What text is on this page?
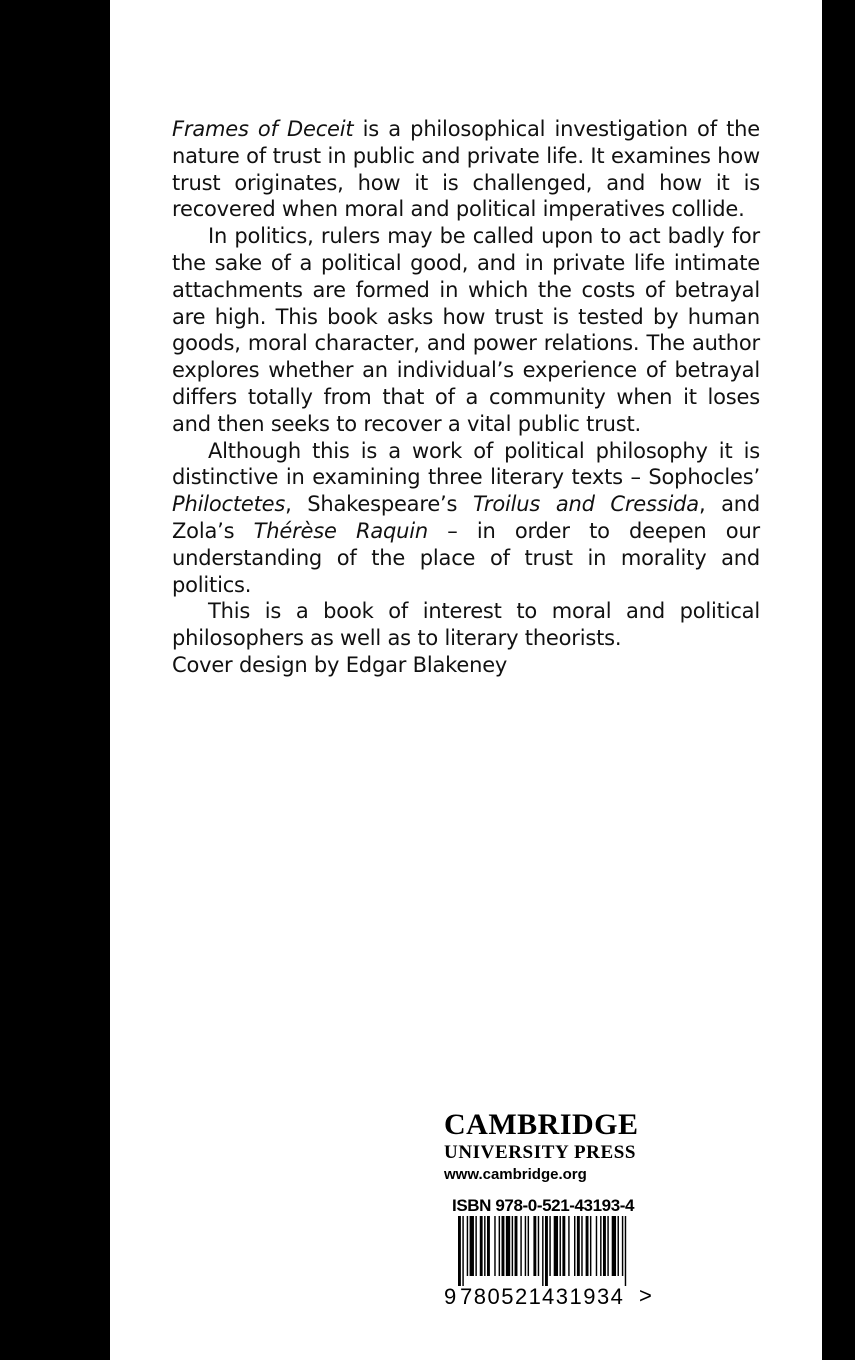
Frames of Deceit is a philosophical investigation of the nature of trust in public and private life. It examines how trust originates, how it is challenged, and how it is recovered when moral and political imperatives collide.

In politics, rulers may be called upon to act badly for the sake of a political good, and in private life intimate attachments are formed in which the costs of betrayal are high. This book asks how trust is tested by human goods, moral character, and power relations. The author explores whether an individual’s experience of betrayal differs totally from that of a community when it loses and then seeks to recover a vital public trust.

Although this is a work of political philosophy it is distinctive in examining three literary texts – Sophocles’ Philoctetes, Shakespeare’s Troilus and Cressida, and Zola’s Thérèse Raquin – in order to deepen our understanding of the place of trust in morality and politics.

This is a book of interest to moral and political philosophers as well as to literary theorists.

Cover design by Edgar Blakeney
CAMBRIDGE
UNIVERSITY PRESS
www.cambridge.org
ISBN 978-0-521-43193-4
9 780521 431934 >
